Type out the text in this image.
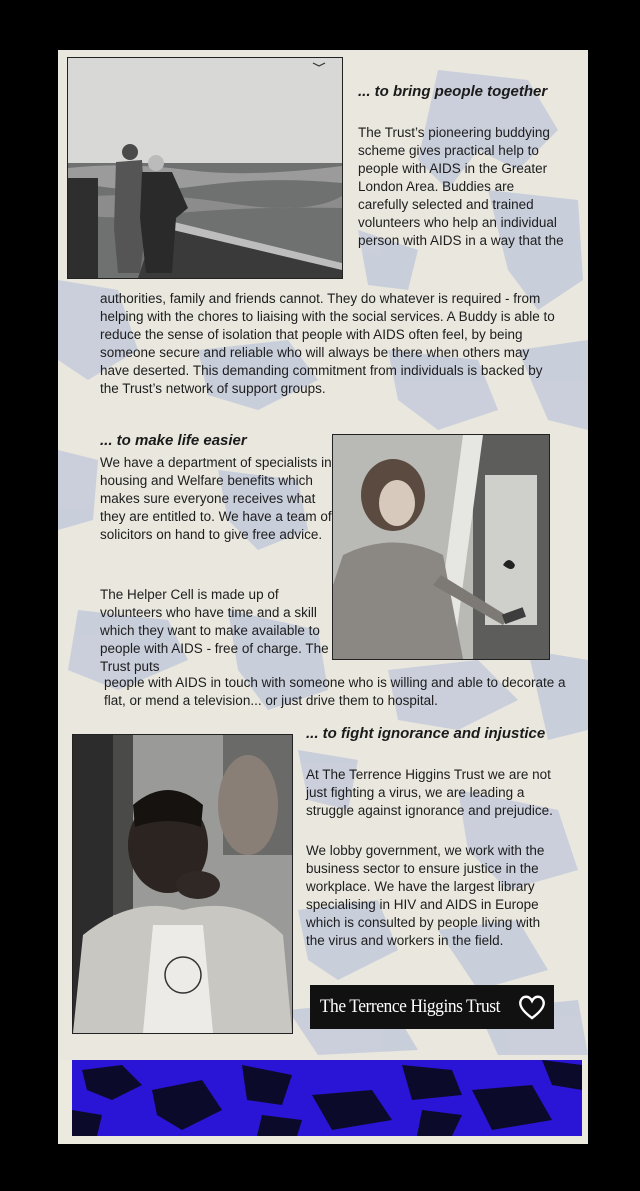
... to bring people together

The Trust’s pioneering buddying scheme gives practical help to people with AIDS in the Greater London Area. Buddies are carefully selected and trained volunteers who help an individual person with AIDS in a way that the

authorities, family and friends cannot. They do whatever is required - from helping with the chores to liaising with the social services. A Buddy is able to reduce the sense of isolation that people with AIDS often feel, by being someone secure and reliable who will always be there when others may have deserted. This demanding commitment from individuals is backed by the Trust’s network of support groups.

... to make life easier

We have a department of specialists in housing and Welfare benefits which makes sure everyone receives what they are entitled to. We have a team of solicitors on hand to give free advice.

The Helper Cell is made up of volunteers who have time and a skill which they want to make available to people with AIDS - free of charge. The Trust puts

people with AIDS in touch with someone who is willing and able to decorate a flat, or mend a television... or just drive them to hospital.

... to fight ignorance and injustice

At The Terrence Higgins Trust we are not just fighting a virus, we are leading a struggle against ignorance and prejudice.

We lobby government, we work with the business sector to ensure justice in the workplace. We have the largest library specialising in HIV and AIDS in Europe which is consulted by people living with the virus and workers in the field.

The Terrence Higgins Trust
